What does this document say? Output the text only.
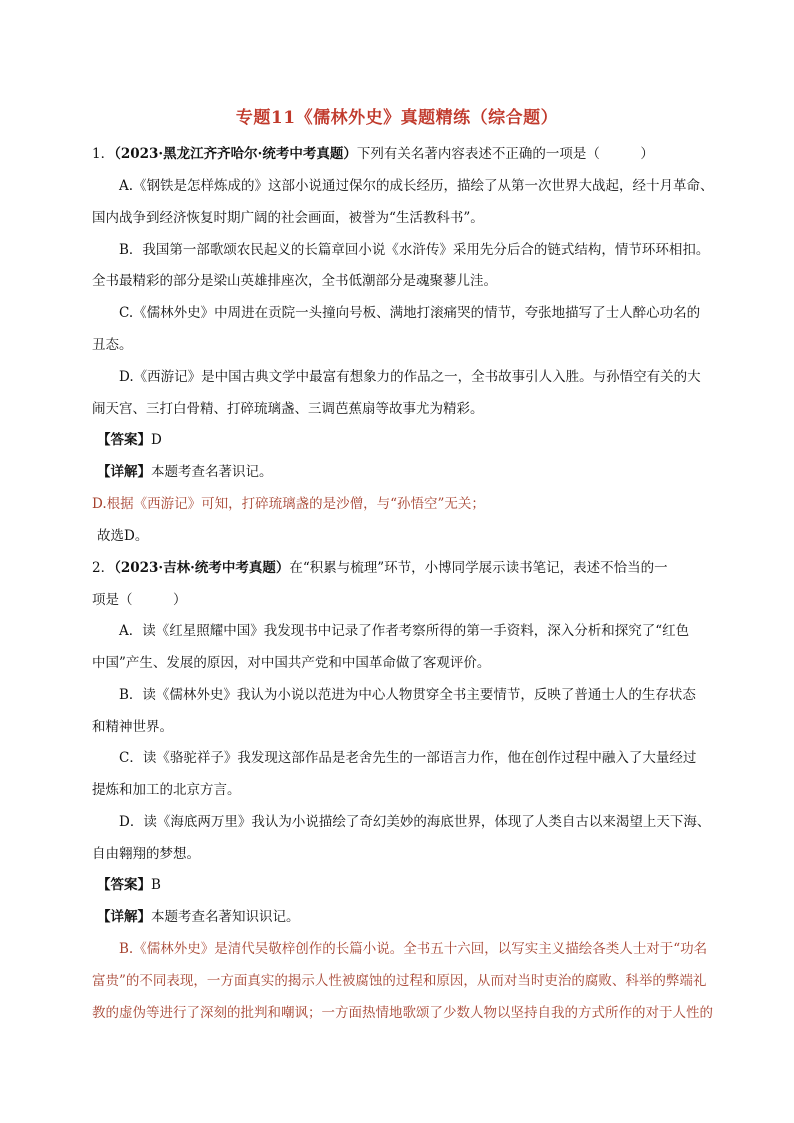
专题11《儒林外史》真题精练（综合题）
1．（2023·黑龙江齐齐哈尔·统考中考真题）下列有关名著内容表述不正确的一项是（　　　）
A.《钢铁是怎样炼成的》这部小说通过保尔的成长经历，描绘了从第一次世界大战起，经十月革命、
国内战争到经济恢复时期广阔的社会画面，被誉为“生活教科书”。
B．我国第一部歌颂农民起义的长篇章回小说《水浒传》采用先分后合的链式结构，情节环环相扣。
全书最精彩的部分是梁山英雄排座次，全书低潮部分是魂聚蓼儿洼。
C.《儒林外史》中周进在贡院一头撞向号板、满地打滚痛哭的情节，夸张地描写了士人醉心功名的
丑态。
D.《西游记》是中国古典文学中最富有想象力的作品之一，全书故事引人入胜。与孙悟空有关的大
闹天宫、三打白骨精、打碎琉璃盏、三调芭蕉扇等故事尤为精彩。
【答案】D
【详解】本题考查名著识记。
D.根据《西游记》可知，打碎琉璃盏的是沙僧，与“孙悟空”无关；
故选D。
2．（2023·吉林·统考中考真题）在“积累与梳理”环节，小博同学展示读书笔记，表述不恰当的一
项是（　　　）
A．读《红星照耀中国》我发现书中记录了作者考察所得的第一手资料，深入分析和探究了“红色
中国”产生、发展的原因，对中国共产党和中国革命做了客观评价。
B．读《儒林外史》我认为小说以范进为中心人物贯穿全书主要情节，反映了普通士人的生存状态
和精神世界。
C．读《骆驼祥子》我发现这部作品是老舍先生的一部语言力作，他在创作过程中融入了大量经过
提炼和加工的北京方言。
D．读《海底两万里》我认为小说描绘了奇幻美妙的海底世界，体现了人类自古以来渴望上天下海、
自由翱翔的梦想。
【答案】B
【详解】本题考查名著知识识记。
B.《儒林外史》是清代吴敬梓创作的长篇小说。全书五十六回，以写实主义描绘各类人士对于“功名
富贵”的不同表现，一方面真实的揭示人性被腐蚀的过程和原因，从而对当时吏治的腐败、科举的弊端礼
教的虚伪等进行了深刻的批判和嘲讽；一方面热情地歌颂了少数人物以坚持自我的方式所作的对于人性的
